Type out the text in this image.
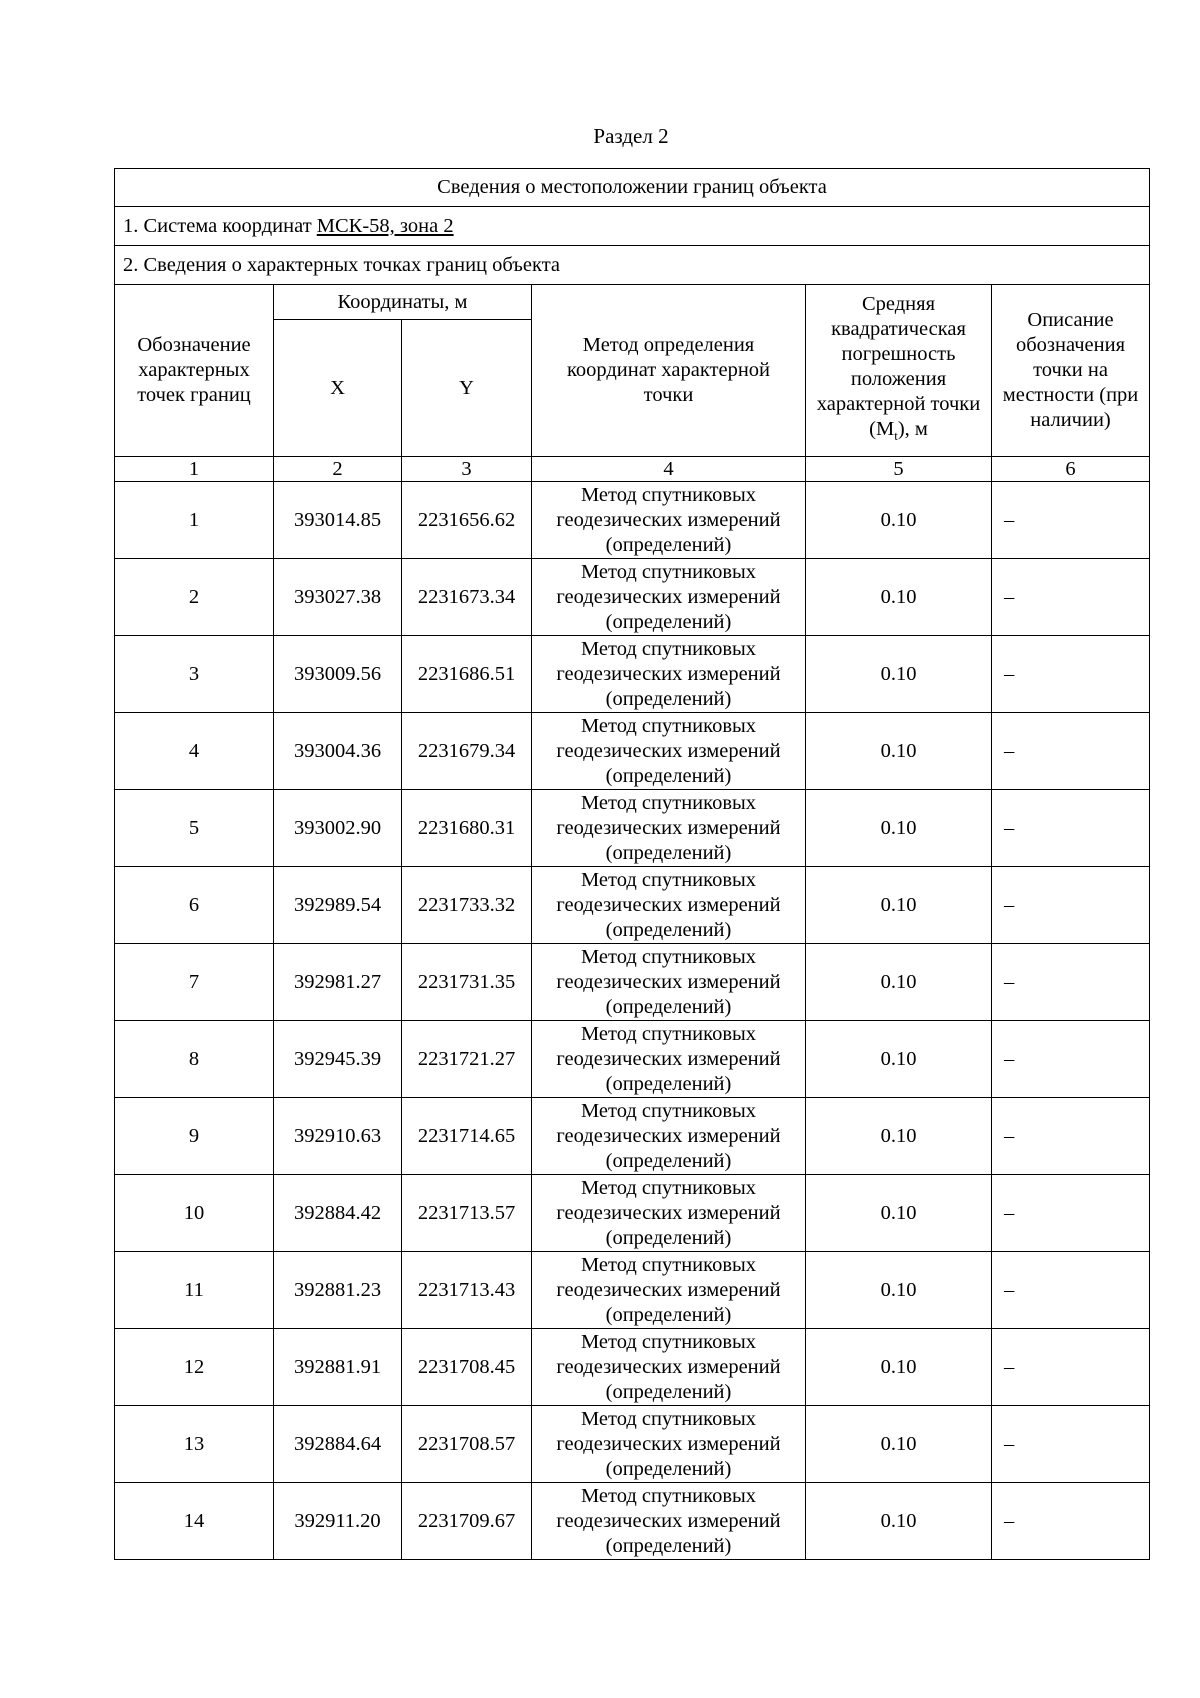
Раздел 2
Сведения о местоположении границ объекта					
1. Система координат МСК-58, зона 2					
2. Сведения о характерных точках границ объекта					
Обозначение характерных точек границ	Координаты, м		Метод определения координат характерной точки	Средняя квадратическая погрешность положения характерной точки $(M_t)$, м	Описание обозначения точки на местности (при наличии)
	X	Y			
1	2	3	4	5	6
1	393014.85	2231656.62	Метод спутниковых геодезических измерений (определений)	0.10	–
2	393027.38	2231673.34	Метод спутниковых геодезических измерений (определений)	0.10	–
3	393009.56	2231686.51	Метод спутниковых геодезических измерений (определений)	0.10	–
4	393004.36	2231679.34	Метод спутниковых геодезических измерений (определений)	0.10	–
5	393002.90	2231680.31	Метод спутниковых геодезических измерений (определений)	0.10	–
6	392989.54	2231733.32	Метод спутниковых геодезических измерений (определений)	0.10	–
7	392981.27	2231731.35	Метод спутниковых геодезических измерений (определений)	0.10	–
8	392945.39	2231721.27	Метод спутниковых геодезических измерений (определений)	0.10	–
9	392910.63	2231714.65	Метод спутниковых геодезических измерений (определений)	0.10	–
10	392884.42	2231713.57	Метод спутниковых геодезических измерений (определений)	0.10	–
11	392881.23	2231713.43	Метод спутниковых геодезических измерений (определений)	0.10	–
12	392881.91	2231708.45	Метод спутниковых геодезических измерений (определений)	0.10	–
13	392884.64	2231708.57	Метод спутниковых геодезических измерений (определений)	0.10	–
14	392911.20	2231709.67	Метод спутниковых геодезических измерений (определений)	0.10	–
